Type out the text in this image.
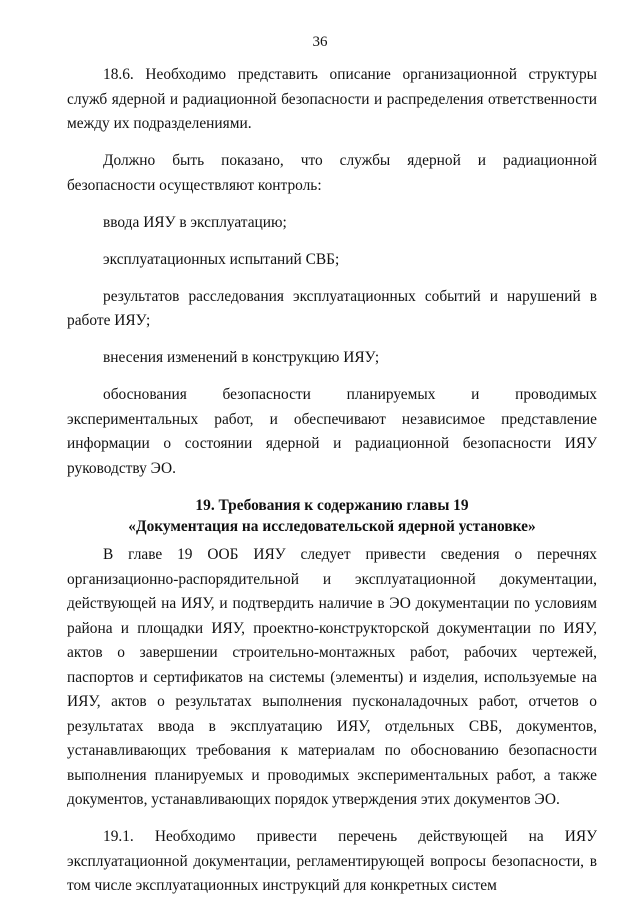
36

18.6. Необходимо представить описание организационной структуры служб ядерной и радиационной безопасности и распределения ответственности между их подразделениями.

Должно быть показано, что службы ядерной и радиационной безопасности осуществляют контроль:

ввода ИЯУ в эксплуатацию;

эксплуатационных испытаний СВБ;

результатов расследования эксплуатационных событий и нарушений в работе ИЯУ;

внесения изменений в конструкцию ИЯУ;

обоснования безопасности планируемых и проводимых экспериментальных работ, и обеспечивают независимое представление информации о состоянии ядерной и радиационной безопасности ИЯУ руководству ЭО.

19. Требования к содержанию главы 19
«Документация на исследовательской ядерной установке»

В главе 19 ООБ ИЯУ следует привести сведения о перечнях организационно-распорядительной и эксплуатационной документации, действующей на ИЯУ, и подтвердить наличие в ЭО документации по условиям района и площадки ИЯУ, проектно-конструкторской документации по ИЯУ, актов о завершении строительно-монтажных работ, рабочих чертежей, паспортов и сертификатов на системы (элементы) и изделия, используемые на ИЯУ, актов о результатах выполнения пусконаладочных работ, отчетов о результатах ввода в эксплуатацию ИЯУ, отдельных СВБ, документов, устанавливающих требования к материалам по обоснованию безопасности выполнения планируемых и проводимых экспериментальных работ, а также документов, устанавливающих порядок утверждения этих документов ЭО.

19.1. Необходимо привести перечень действующей на ИЯУ эксплуатационной документации, регламентирующей вопросы безопасности, в том числе эксплуатационных инструкций для конкретных систем
